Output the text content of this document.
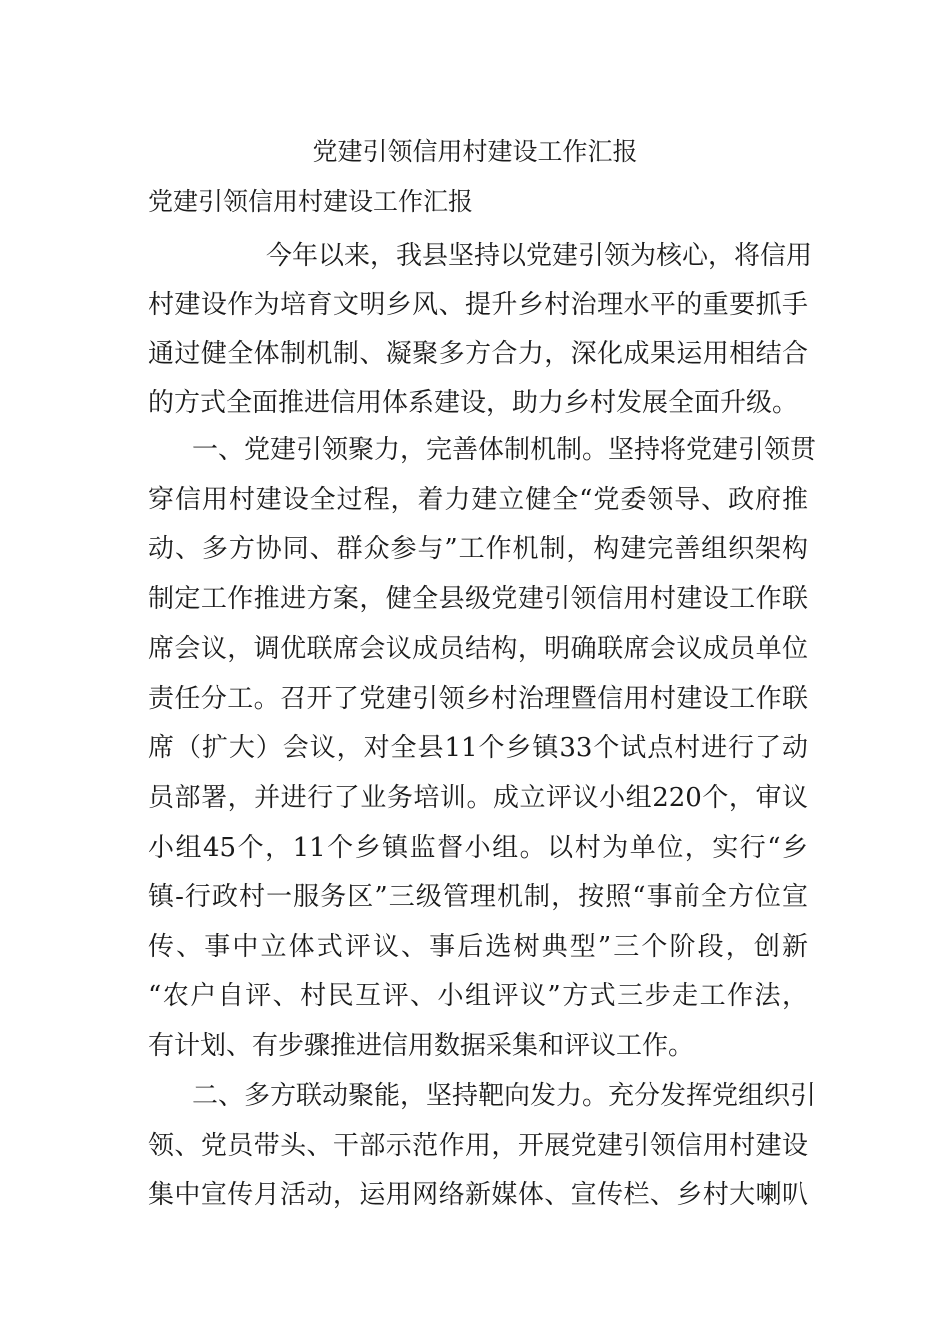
党建引领信用村建设工作汇报
党建引领信用村建设工作汇报

今年以来，我县坚持以党建引领为核心，将信用

村建设作为培育文明乡风、提升乡村治理水平的重要抓手

通过健全体制机制、凝聚多方合力，深化成果运用相结合

的方式全面推进信用体系建设，助力乡村发展全面升级。

一、党建引领聚力，完善体制机制。坚持将党建引领贯

穿信用村建设全过程，着力建立健全“党委领导、政府推

动、多方协同、群众参与”工作机制，构建完善组织架构

制定工作推进方案，健全县级党建引领信用村建设工作联

席会议，调优联席会议成员结构，明确联席会议成员单位

责任分工。召开了党建引领乡村治理暨信用村建设工作联

席（扩大）会议，对全县11个乡镇33个试点村进行了动

员部署，并进行了业务培训。成立评议小组220个，审议

小组45个，11个乡镇监督小组。以村为单位，实行“乡

镇-行政村一服务区”三级管理机制，按照“事前全方位宣

传、事中立体式评议、事后选树典型”三个阶段，创新

“农户自评、村民互评、小组评议”方式三步走工作法，

有计划、有步骤推进信用数据采集和评议工作。

二、多方联动聚能，坚持靶向发力。充分发挥党组织引

领、党员带头、干部示范作用，开展党建引领信用村建设

集中宣传月活动，运用网络新媒体、宣传栏、乡村大喇叭
